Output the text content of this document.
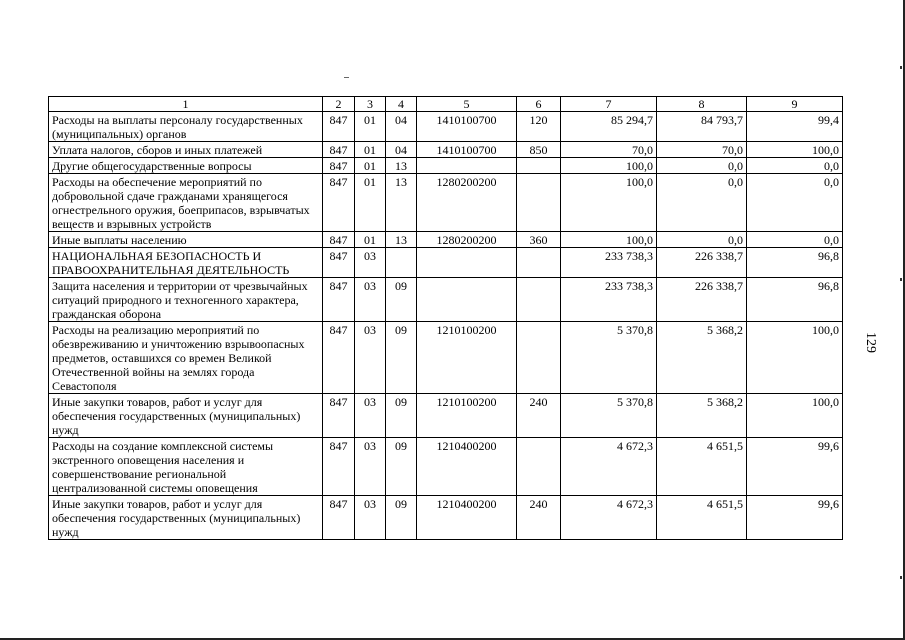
1	2	3	4	5	6	7	8	9
Расходы на выплаты персоналу государственных (муниципальных) органов	847	01	04	1410100700	120	85 294,7	84 793,7	99,4
Уплата налогов, сборов и иных платежей	847	01	04	1410100700	850	70,0	70,0	100,0
Другие общегосударственные вопросы	847	01	13			100,0	0,0	0,0
Расходы на обеспечение мероприятий по добровольной сдаче гражданами хранящегося огнестрельного оружия, боеприпасов, взрывчатых веществ и взрывных устройств	847	01	13	1280200200		100,0	0,0	0,0
Иные выплаты населению	847	01	13	1280200200	360	100,0	0,0	0,0
НАЦИОНАЛЬНАЯ БЕЗОПАСНОСТЬ И ПРАВООХРАНИТЕЛЬНАЯ ДЕЯТЕЛЬНОСТЬ	847	03				233 738,3	226 338,7	96,8
Защита населения и территории от чрезвычайных ситуаций природного и техногенного характера, гражданская оборона	847	03	09			233 738,3	226 338,7	96,8
Расходы на реализацию мероприятий по обезвреживанию и уничтожению взрывоопасных предметов, оставшихся со времен Великой Отечественной войны на землях города Севастополя	847	03	09	1210100200		5 370,8	5 368,2	100,0
Иные закупки товаров, работ и услуг для обеспечения государственных (муниципальных) нужд	847	03	09	1210100200	240	5 370,8	5 368,2	100,0
Расходы на создание комплексной системы экстренного оповещения населения и совершенствование региональной централизованной системы оповещения	847	03	09	1210400200		4 672,3	4 651,5	99,6
Иные закупки товаров, работ и услуг для обеспечения государственных (муниципальных) нужд	847	03	09	1210400200	240	4 672,3	4 651,5	99,6
129
